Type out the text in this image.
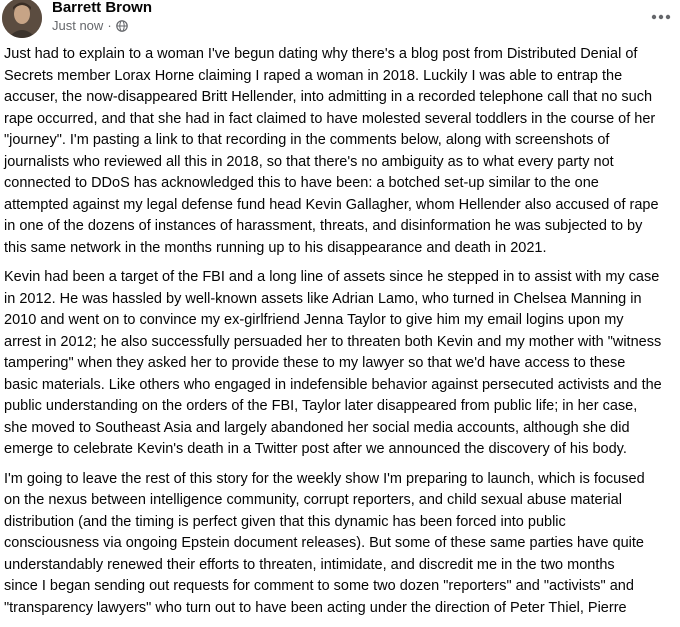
Barrett Brown
Just now ·

Just had to explain to a woman I've begun dating why there's a blog post from Distributed Denial of
Secrets member Lorax Horne claiming I raped a woman in 2018. Luckily I was able to entrap the
accuser, the now-disappeared Britt Hellender, into admitting in a recorded telephone call that no such
rape occurred, and that she had in fact claimed to have molested several toddlers in the course of her
"journey". I'm pasting a link to that recording in the comments below, along with screenshots of
journalists who reviewed all this in 2018, so that there's no ambiguity as to what every party not
connected to DDoS has acknowledged this to have been: a botched set-up similar to the one
attempted against my legal defense fund head Kevin Gallagher, whom Hellender also accused of rape
in one of the dozens of instances of harassment, threats, and disinformation he was subjected to by
this same network in the months running up to his disappearance and death in 2021.

Kevin had been a target of the FBI and a long line of assets since he stepped in to assist with my case
in 2012. He was hassled by well-known assets like Adrian Lamo, who turned in Chelsea Manning in
2010 and went on to convince my ex-girlfriend Jenna Taylor to give him my email logins upon my
arrest in 2012; he also successfully persuaded her to threaten both Kevin and my mother with "witness
tampering" when they asked her to provide these to my lawyer so that we'd have access to these
basic materials. Like others who engaged in indefensible behavior against persecuted activists and the
public understanding on the orders of the FBI, Taylor later disappeared from public life; in her case,
she moved to Southeast Asia and largely abandoned her social media accounts, although she did
emerge to celebrate Kevin's death in a Twitter post after we announced the discovery of his body.

I'm going to leave the rest of this story for the weekly show I'm preparing to launch, which is focused
on the nexus between intelligence community, corrupt reporters, and child sexual abuse material
distribution (and the timing is perfect given that this dynamic has been forced into public
consciousness via ongoing Epstein document releases). But some of these same parties have quite
understandably renewed their efforts to threaten, intimidate, and discredit me in the two months
since I began sending out requests for comment to some two dozen "reporters" and "activists" and
"transparency lawyers" who turn out to have been acting under the direction of Peter Thiel, Pierre
